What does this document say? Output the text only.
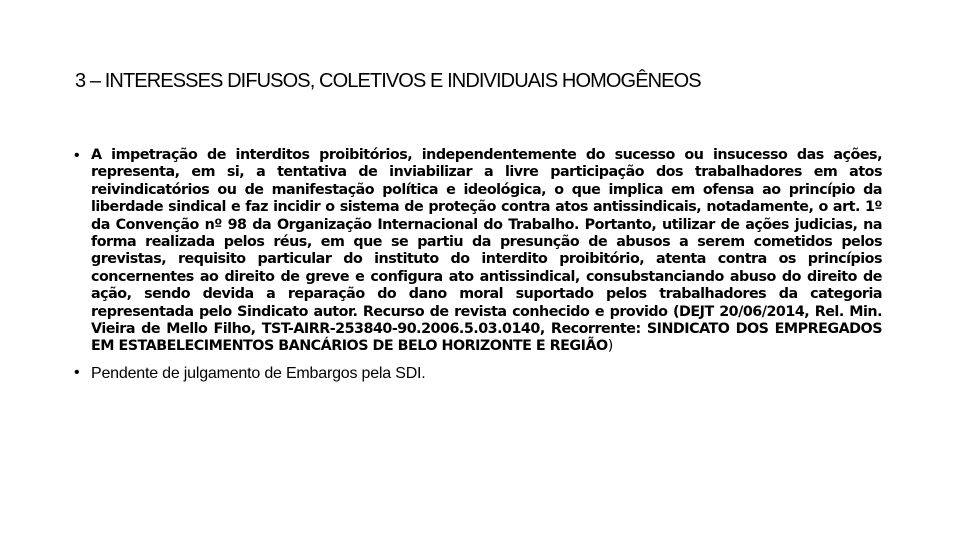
3 – INTERESSES DIFUSOS, COLETIVOS E INDIVIDUAIS HOMOGÊNEOS
• A impetração de interditos proibitórios, independentemente do sucesso ou insucesso das ações, representa, em si, a tentativa de inviabilizar a livre participação dos trabalhadores em atos reivindicatórios ou de manifestação política e ideológica, o que implica em ofensa ao princípio da liberdade sindical e faz incidir o sistema de proteção contra atos antissindicais, notadamente, o art. 1º da Convenção nº 98 da Organização Internacional do Trabalho. Portanto, utilizar de ações judicias, na forma realizada pelos réus, em que se partiu da presunção de abusos a serem cometidos pelos grevistas, requisito particular do instituto do interdito proibitório, atenta contra os princípios concernentes ao direito de greve e configura ato antissindical, consubstanciando abuso do direito de ação, sendo devida a reparação do dano moral suportado pelos trabalhadores da categoria representada pelo Sindicato autor. Recurso de revista conhecido e provido (DEJT 20/06/2014, Rel. Min. Vieira de Mello Filho, TST-AIRR-253840-90.2006.5.03.0140, Recorrente: SINDICATO DOS EMPREGADOS EM ESTABELECIMENTOS BANCÁRIOS DE BELO HORIZONTE E REGIÃO)
• Pendente de julgamento de Embargos pela SDI.
